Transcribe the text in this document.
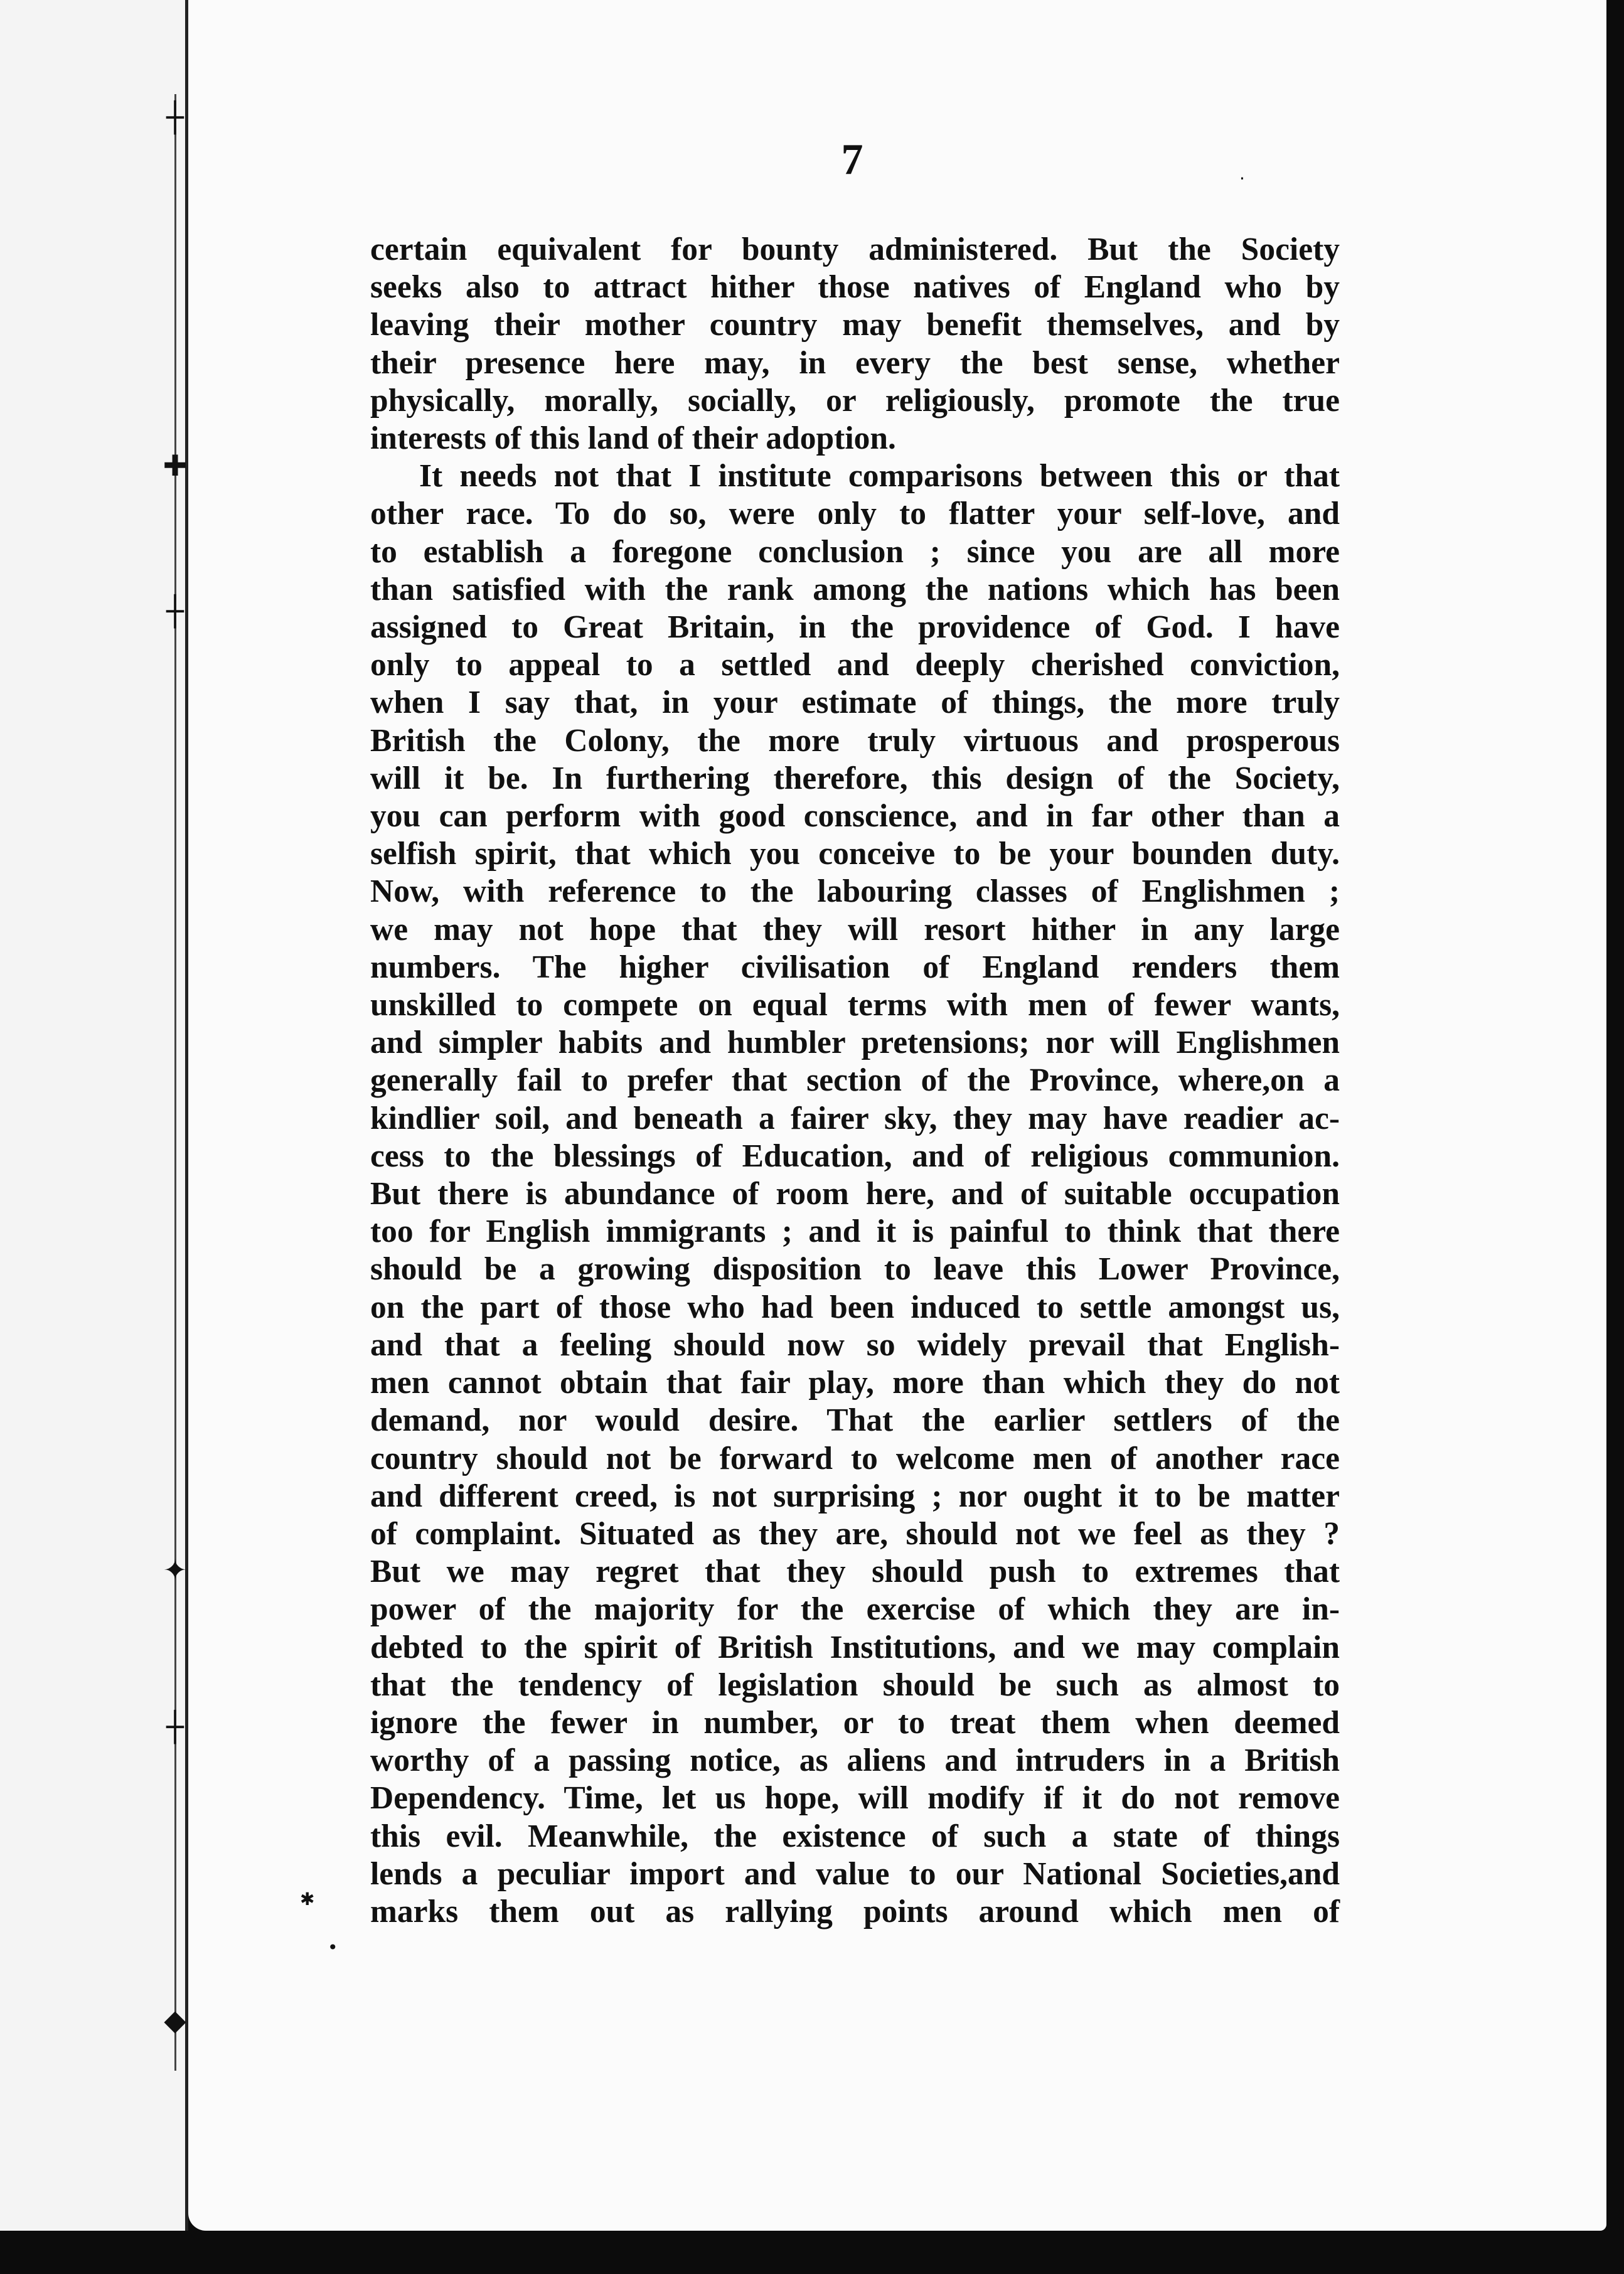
┼
✚
┼
✦
┼
◆
·
✱
•
7
certain equivalent for bounty administered. But the Society
seeks also to attract hither those natives of England who by
leaving their mother country may benefit themselves, and by
their presence here may, in every the best sense, whether
physically, morally, socially, or religiously, promote the true
interests of this land of their adoption.
It needs not that I institute comparisons between this or that
other race. To do so, were only to flatter your self-love, and
to establish a foregone conclusion ; since you are all more
than satisfied with the rank among the nations which has been
assigned to Great Britain, in the providence of God. I have
only to appeal to a settled and deeply cherished conviction,
when I say that, in your estimate of things, the more truly
British the Colony, the more truly virtuous and prosperous
will it be. In furthering therefore, this design of the Society,
you can perform with good conscience, and in far other than a
selfish spirit, that which you conceive to be your bounden duty.
Now, with reference to the labouring classes of Englishmen ;
we may not hope that they will resort hither in any large
numbers. The higher civilisation of England renders them
unskilled to compete on equal terms with men of fewer wants,
and simpler habits and humbler pretensions; nor will Englishmen
generally fail to prefer that section of the Province, where,on a
kindlier soil, and beneath a fairer sky, they may have readier ac-
cess to the blessings of Education, and of religious communion.
But there is abundance of room here, and of suitable occupation
too for English immigrants ; and it is painful to think that there
should be a growing disposition to leave this Lower Province,
on the part of those who had been induced to settle amongst us,
and that a feeling should now so widely prevail that English-
men cannot obtain that fair play, more than which they do not
demand, nor would desire. That the earlier settlers of the
country should not be forward to welcome men of another race
and different creed, is not surprising ; nor ought it to be matter
of complaint. Situated as they are, should not we feel as they ?
But we may regret that they should push to extremes that
power of the majority for the exercise of which they are in-
debted to the spirit of British Institutions, and we may complain
that the tendency of legislation should be such as almost to
ignore the fewer in number, or to treat them when deemed
worthy of a passing notice, as aliens and intruders in a British
Dependency. Time, let us hope, will modify if it do not remove
this evil. Meanwhile, the existence of such a state of things
lends a peculiar import and value to our National Societies,and
marks them out as rallying points around which men of
